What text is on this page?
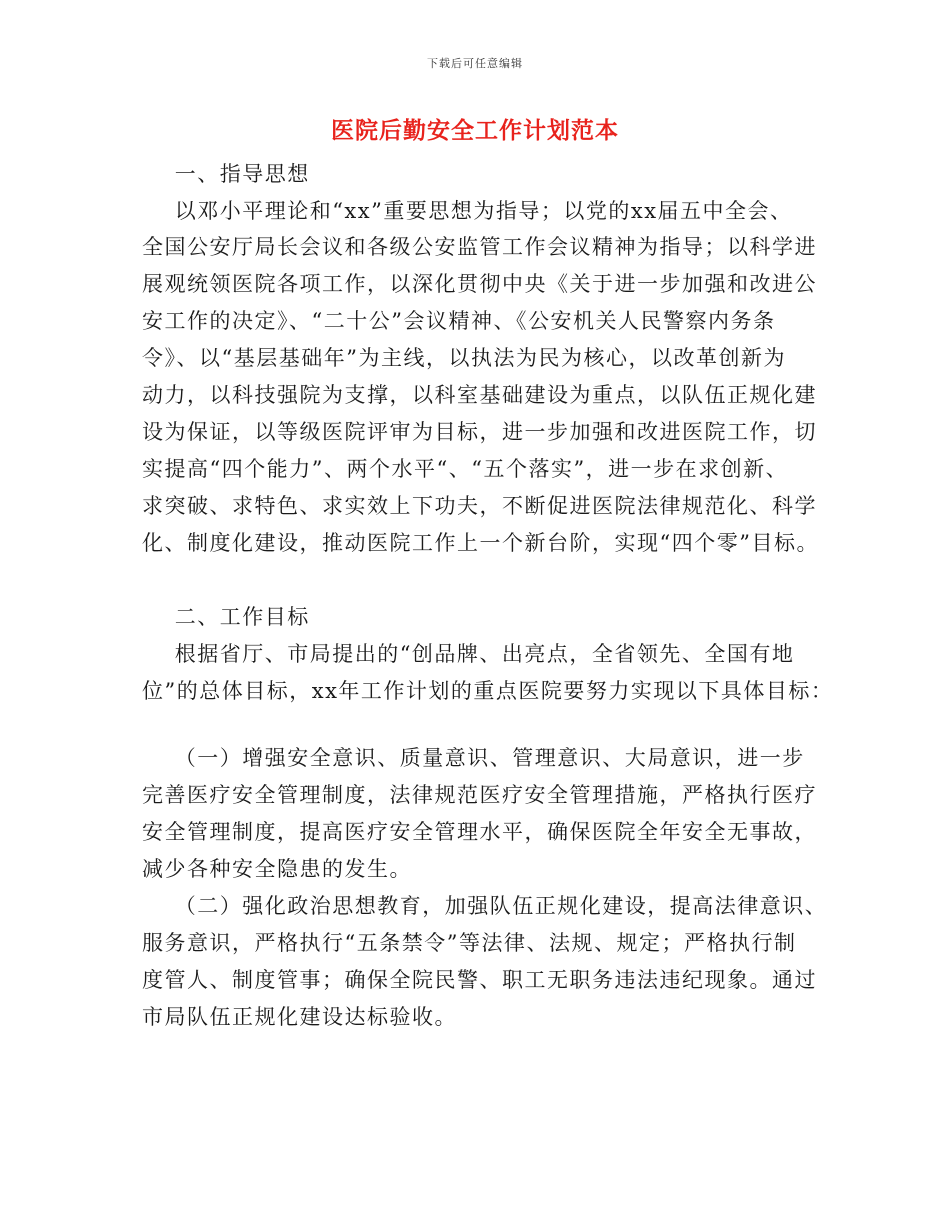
下载后可任意编辑
医院后勤安全工作计划范本
一、指导思想
以邓小平理论和“xx”重要思想为指导；以党的xx届五中全会、
全国公安厅局长会议和各级公安监管工作会议精神为指导；以科学进
展观统领医院各项工作，以深化贯彻中央《关于进一步加强和改进公
安工作的决定》、“二十公”会议精神、《公安机关人民警察内务条
令》、以“基层基础年”为主线，以执法为民为核心，以改革创新为
动力，以科技强院为支撑，以科室基础建设为重点，以队伍正规化建
设为保证，以等级医院评审为目标，进一步加强和改进医院工作，切
实提高“四个能力”、两个水平“、“五个落实”，进一步在求创新、
求突破、求特色、求实效上下功夫，不断促进医院法律规范化、科学
化、制度化建设，推动医院工作上一个新台阶，实现“四个零”目标。
二、工作目标
根据省厅、市局提出的“创品牌、出亮点，全省领先、全国有地
位”的总体目标，xx年工作计划的重点医院要努力实现以下具体目标：
（一）增强安全意识、质量意识、管理意识、大局意识，进一步
完善医疗安全管理制度，法律规范医疗安全管理措施，严格执行医疗
安全管理制度，提高医疗安全管理水平，确保医院全年安全无事故，
减少各种安全隐患的发生。
（二）强化政治思想教育，加强队伍正规化建设，提高法律意识、
服务意识，严格执行“五条禁令”等法律、法规、规定；严格执行制
度管人、制度管事；确保全院民警、职工无职务违法违纪现象。通过
市局队伍正规化建设达标验收。
